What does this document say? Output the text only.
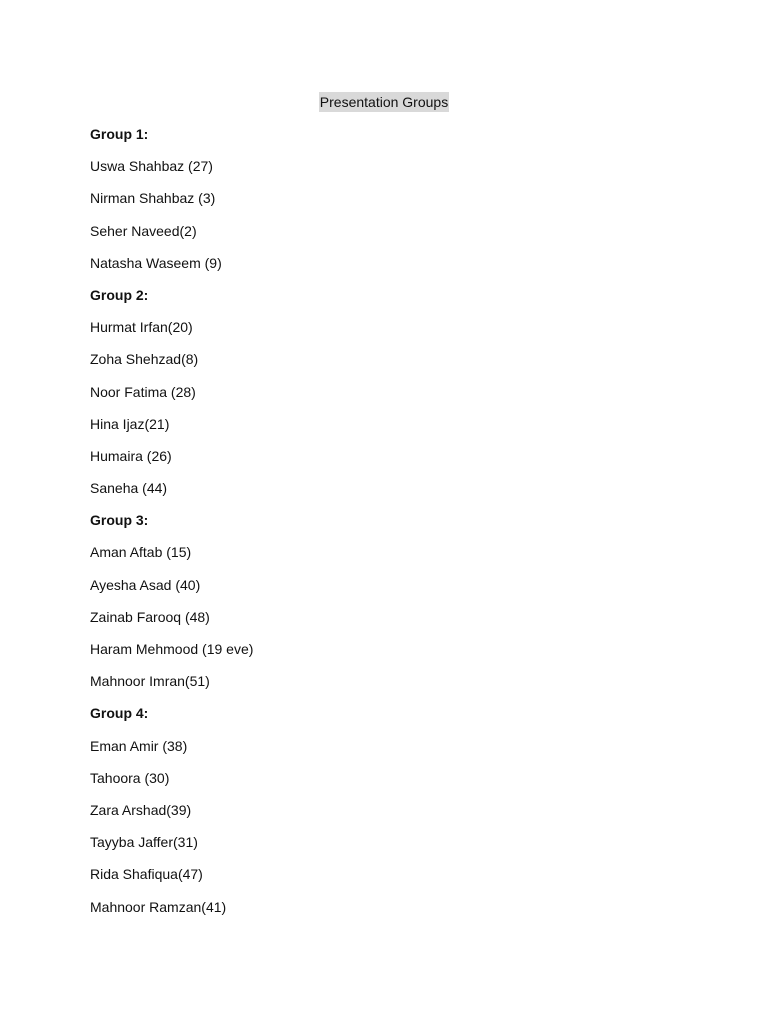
Presentation Groups
Group 1:
Uswa Shahbaz (27)
Nirman Shahbaz (3)
Seher Naveed(2)
Natasha Waseem (9)
Group 2:
Hurmat Irfan(20)
Zoha Shehzad(8)
Noor Fatima (28)
Hina Ijaz(21)
Humaira (26)
Saneha (44)
Group 3:
Aman Aftab (15)
Ayesha Asad (40)
Zainab Farooq (48)
Haram Mehmood (19 eve)
Mahnoor Imran(51)
Group 4:
Eman Amir (38)
Tahoora (30)
Zara Arshad(39)
Tayyba Jaffer(31)
Rida Shafiqua(47)
Mahnoor Ramzan(41)
